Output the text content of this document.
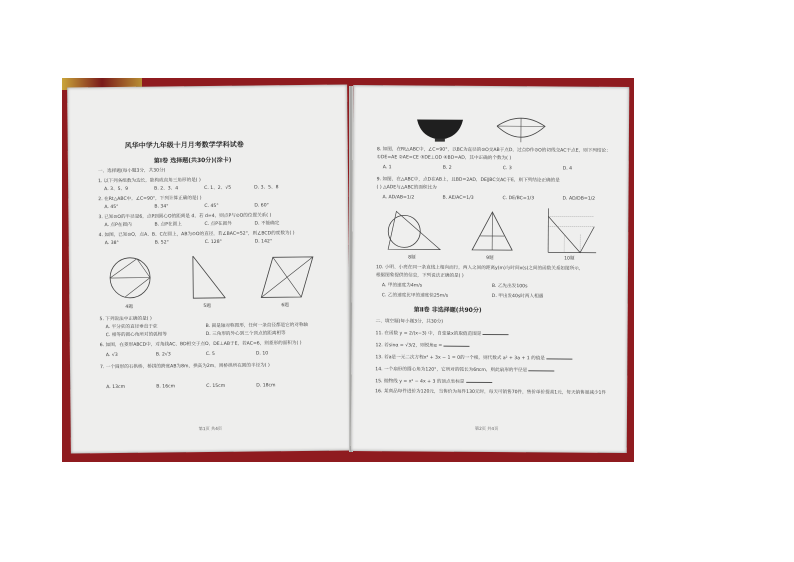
风华中学九年级十月月考数学学科试卷
第Ⅰ卷 选择题(共30分)(涂卡)
一、选择题(每小题3分，共30分)
1. 以下列各组数为边长，能构成直角三角形的是( )
A. 3、5、9	B. 2、3、4	C. 1、2、√5	D. 3、5、8
2. 在Rt△ABC中，∠C=90°，下列计算正确的是( )
A. 45°	B. 34°	C. 45°	D. 60°
3. 已知⊙O的半径是6，点P到圆心O的距离是 d，若 d=4，则点P与⊙O的位置关系( )
A. 点P在圆内	B. 点P在圆上	C. 点P在圆外	D. 不能确定
4. 如图，已知⊙O，点A、B、C在圆上，AB为⊙O的直径，若∠BAC=52°，则∠BCD的度数为( )
A. 38°	B. 52°	C. 128°	D. 142°
4题	5题	6题
5. 下列说法中正确的是( )
A. 平分弦的直径垂直于弦	B. 圆是轴对称图形，任何一条直径都是它的对称轴
C. 相等的圆心角所对的弧相等	D. 三角形的外心到三个顶点的距离相等
6. 如图，在菱形ABCD中，对角线AC、BD相交于点O，DE⊥AB于E，若AC=6，则菱形的面积为( )
A. √3	B. 2√3	C. 5	D. 10
7. 一个圆形的石拱桥，桥拱的跨度AB为8m，拱高为2m，则桥拱所在圆的半径为( )
A. 13cm	B. 16cm	C. 15cm	D. 18cm
第1页 共4页
8. 如图，在Rt△ABC中，∠C=90°，以BC为直径的⊙O交AB于点D，过点D作⊙O的切线交AC于点E，则下列结论：
①DE=AE ②AE=CE ③DE⊥OD ④BD=AD，其中正确的个数为( )
A. 1	B. 2	C. 3	D. 4
9. 如图，在△ABC中，点D在AB上，且BD=2AD，DE∥BC交AC于E，则下列结论正确的是
( ) △ADE与△ABC的面积比为
A. AD/AB=1/2	B. AE/AC=1/3	C. DE/BC=1/3	D. AD/DB=1/2
8题	9题	10题
10. 小明、小亮在同一条直线上相向而行，两人之间的距离y(m)与时间x(s)之间的函数关系如图所示，
根据图象提供的信息，下列说法正确的是( )
A. 甲的速度为4m/s	B. 乙先出发100s
C. 乙的速度比甲的速度快25m/s	D. 甲出发40s时两人相遇
第Ⅱ卷 非选择题(共90分)
二、填空题(每小题3分，共30分)
11. 在函数 y = 2/(x−3) 中，自变量x的取值范围是
12. 若sinα = √3/2，则锐角α =
13. 若a是一元二次方程x² + 3x − 1 = 0的一个根，则代数式 a² + 3a + 1 的值是
14. 一个扇形的圆心角为120°，它所对的弧长为6πcm，则此扇形的半径是
15. 抛物线 y = x² − 4x + 3 的顶点坐标是
16. 某商品每件进价为120元，当售价为每件130元时，每天可销售70件，售价单价提高1元，每天销售量减少1件
第2页 共4页
